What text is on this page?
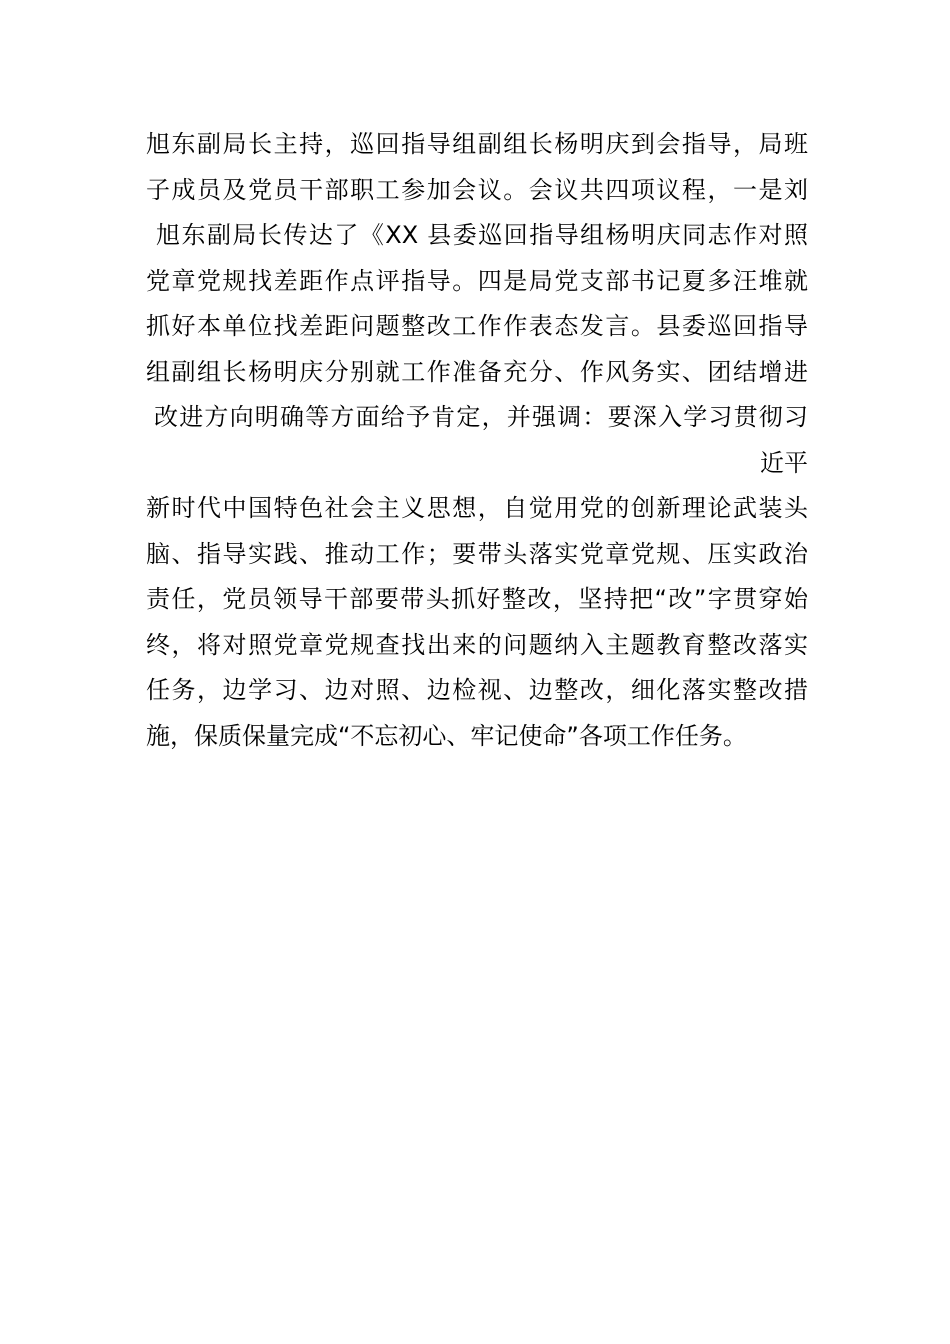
旭东副局长主持，巡回指导组副组长杨明庆到会指导，局班
子成员及党员干部职工参加会议。会议共四项议程，一是刘
旭东副局长传达了《XX 县委巡回指导组杨明庆同志作对照
党章党规找差距作点评指导。四是局党支部书记夏多汪堆就
抓好本单位找差距问题整改工作作表态发言。县委巡回指导
组副组长杨明庆分别就工作准备充分、作风务实、团结增进
改进方向明确等方面给予肯定，并强调：要深入学习贯彻习
近平
新时代中国特色社会主义思想，自觉用党的创新理论武装头
脑、指导实践、推动工作；要带头落实党章党规、压实政治
责任，党员领导干部要带头抓好整改，坚持把“改”字贯穿始
终，将对照党章党规查找出来的问题纳入主题教育整改落实
任务，边学习、边对照、边检视、边整改，细化落实整改措
施，保质保量完成“不忘初心、牢记使命”各项工作任务。
